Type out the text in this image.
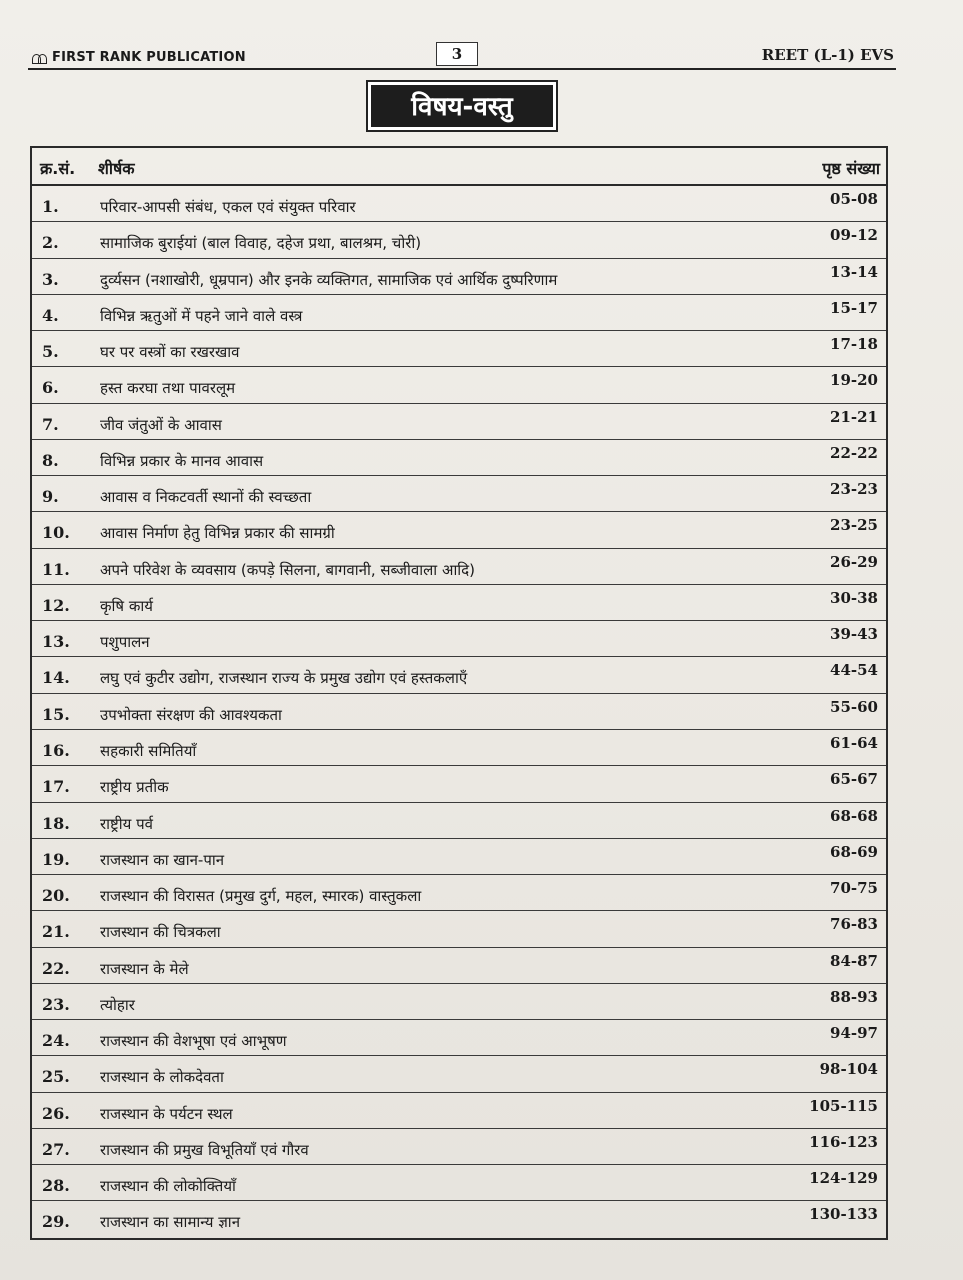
FIRST RANK PUBLICATION	3	REET (L-1) EVS
विषय-वस्तु
क्र.सं. शीर्षक	पृष्ठ संख्या
1.	परिवार-आपसी संबंध, एकल एवं संयुक्त परिवार	05-08
2.	सामाजिक बुराईयां (बाल विवाह, दहेज प्रथा, बालश्रम, चोरी)	09-12
3.	दुर्व्यसन (नशाखोरी, धूम्रपान) और इनके व्यक्तिगत, सामाजिक एवं आर्थिक दुष्परिणाम	13-14
4.	विभिन्न ऋतुओं में पहने जाने वाले वस्त्र	15-17
5.	घर पर वस्त्रों का रखरखाव	17-18
6.	हस्त करघा तथा पावरलूम	19-20
7.	जीव जंतुओं के आवास	21-21
8.	विभिन्न प्रकार के मानव आवास	22-22
9.	आवास व निकटवर्ती स्थानों की स्वच्छता	23-23
10.	आवास निर्माण हेतु विभिन्न प्रकार की सामग्री	23-25
11.	अपने परिवेश के व्यवसाय (कपड़े सिलना, बागवानी, सब्जीवाला आदि)	26-29
12.	कृषि कार्य	30-38
13.	पशुपालन	39-43
14.	लघु एवं कुटीर उद्योग, राजस्थान राज्य के प्रमुख उद्योग एवं हस्तकलाएँ	44-54
15.	उपभोक्ता संरक्षण की आवश्यकता	55-60
16.	सहकारी समितियाँ	61-64
17.	राष्ट्रीय प्रतीक	65-67
18.	राष्ट्रीय पर्व	68-68
19.	राजस्थान का खान-पान	68-69
20.	राजस्थान की विरासत (प्रमुख दुर्ग, महल, स्मारक) वास्तुकला	70-75
21.	राजस्थान की चित्रकला	76-83
22.	राजस्थान के मेले	84-87
23.	त्योहार	88-93
24.	राजस्थान की वेशभूषा एवं आभूषण	94-97
25.	राजस्थान के लोकदेवता	98-104
26.	राजस्थान के पर्यटन स्थल	105-115
27.	राजस्थान की प्रमुख विभूतियाँ एवं गौरव	116-123
28.	राजस्थान की लोकोक्तियाँ	124-129
29.	राजस्थान का सामान्य ज्ञान	130-133
